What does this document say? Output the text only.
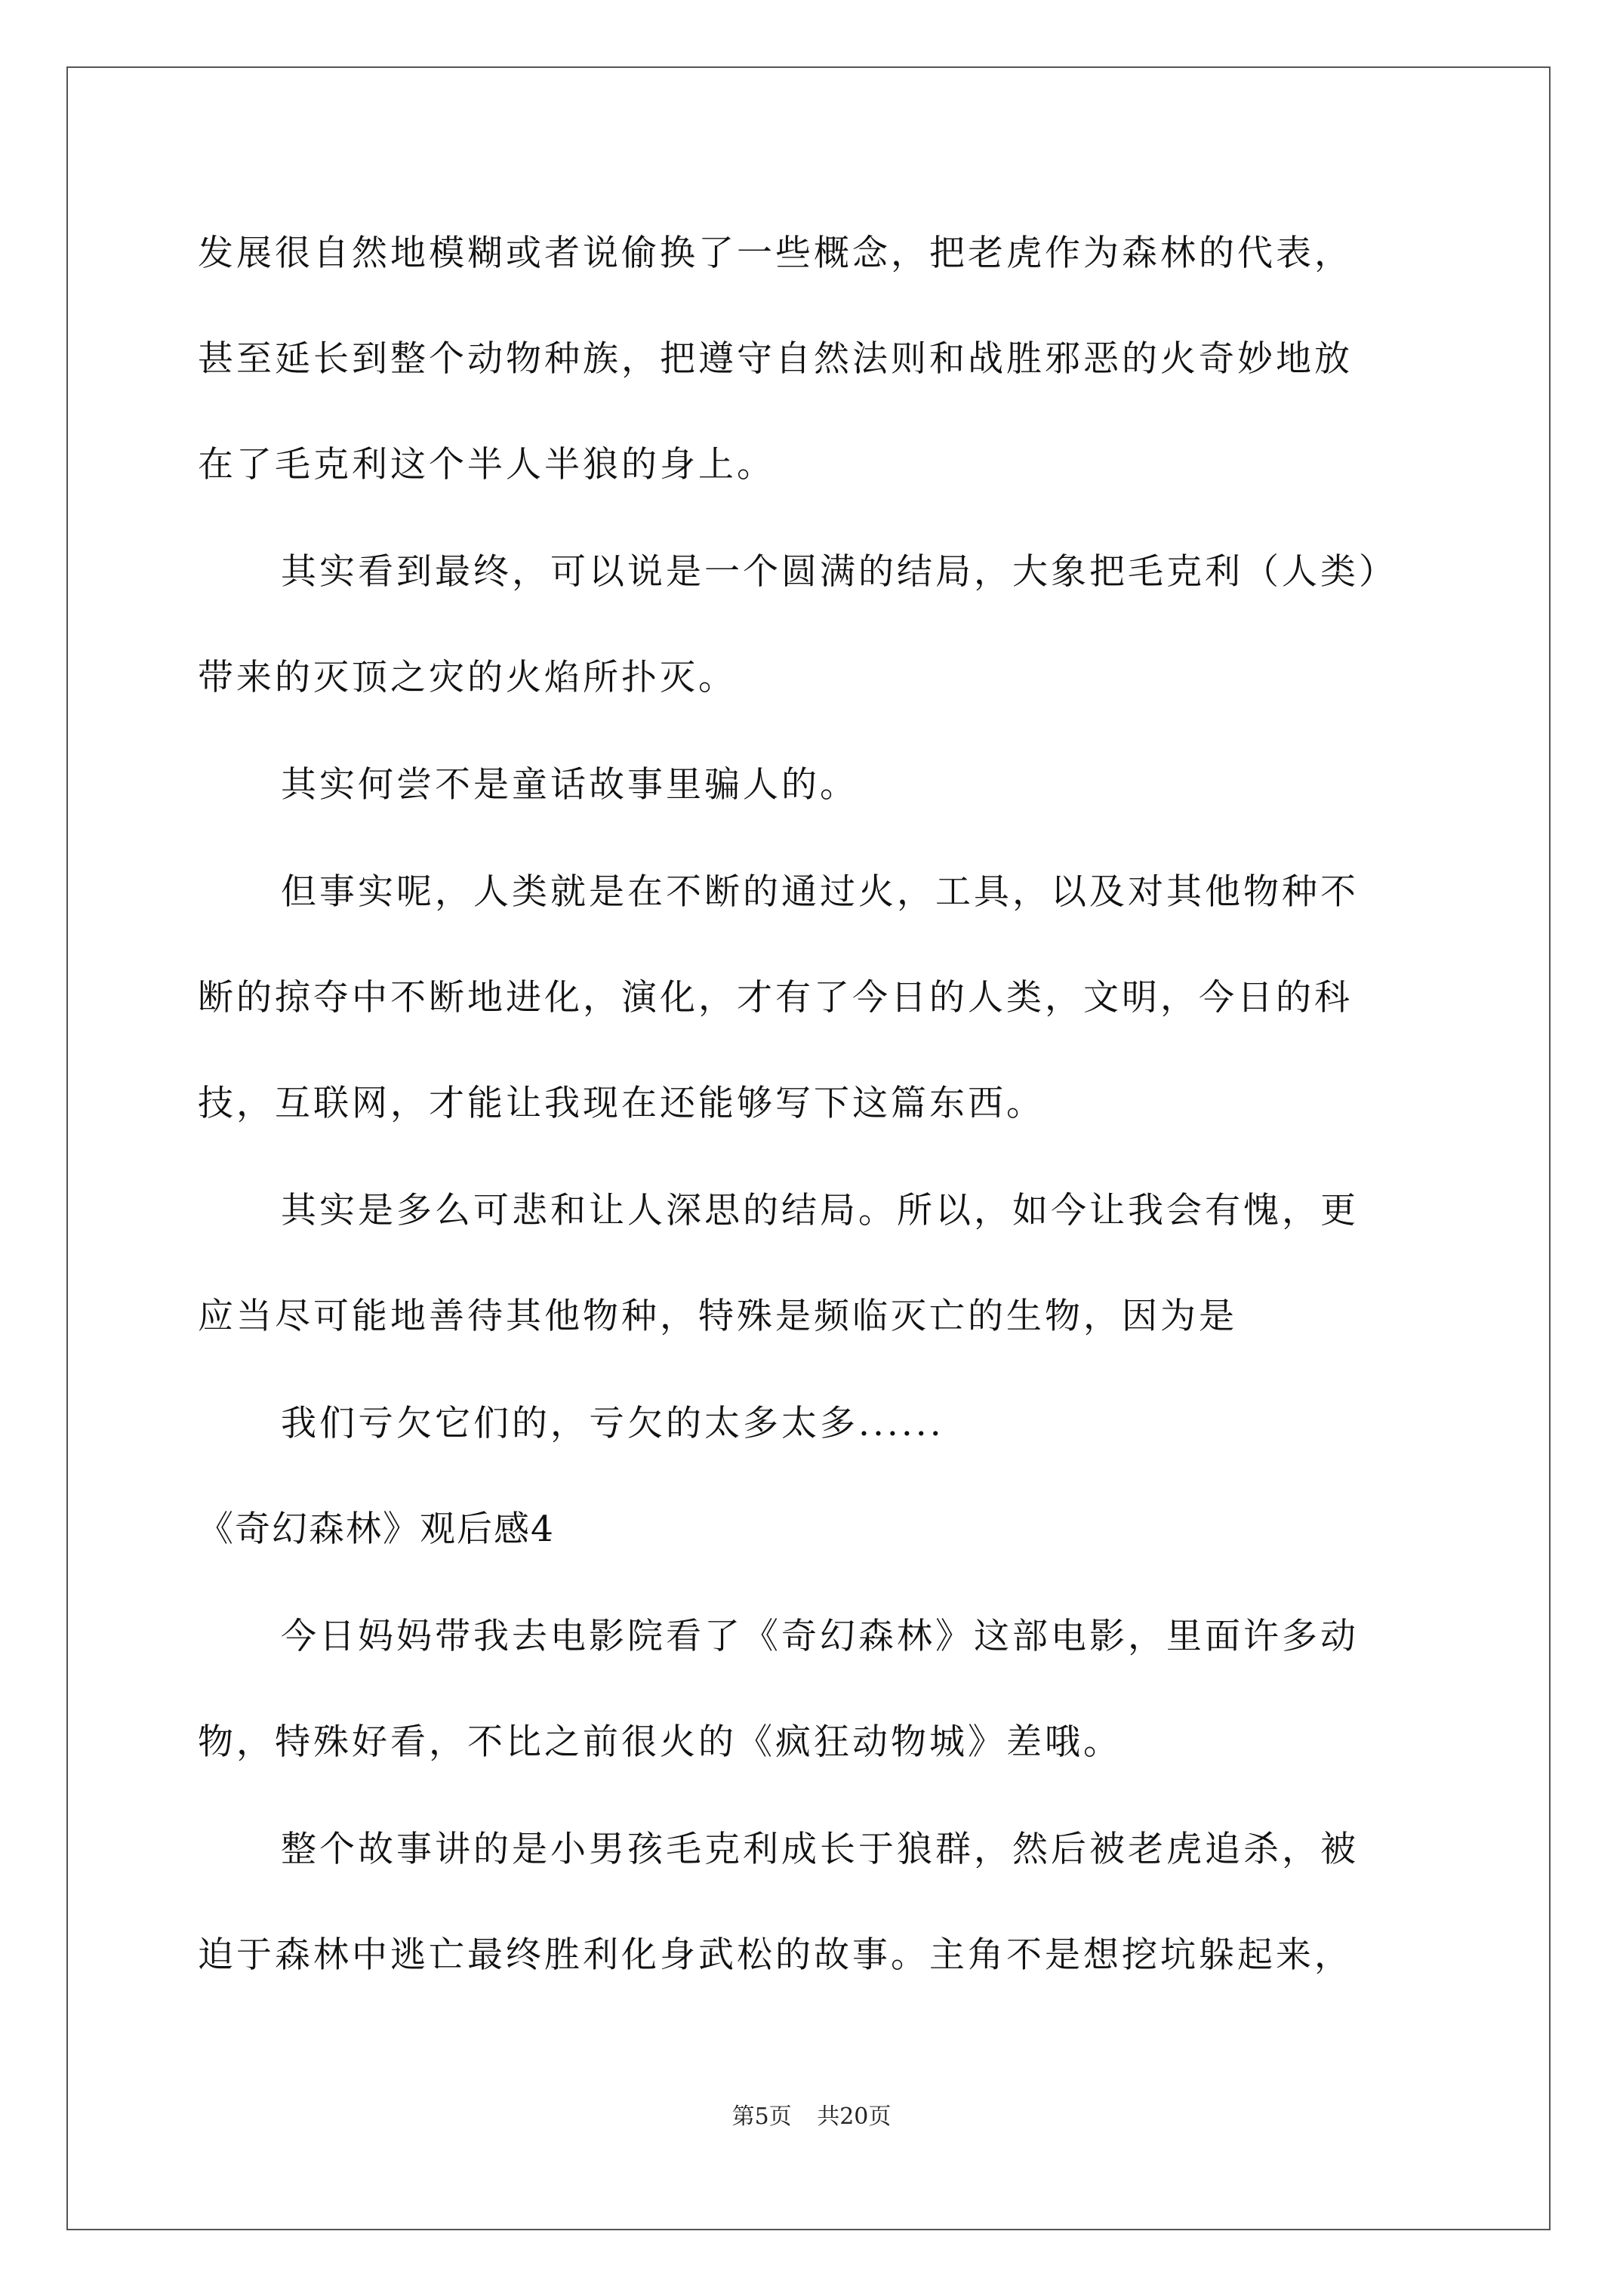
发展很自然地模糊或者说偷换了一些概念，把老虎作为森林的代表，
甚至延长到整个动物种族，把遵守自然法则和战胜邪恶的火奇妙地放
在了毛克利这个半人半狼的身上。
其实看到最终，可以说是一个圆满的结局，大象把毛克利（人类）
带来的灭顶之灾的火焰所扑灭。
其实何尝不是童话故事里骗人的。
但事实呢，人类就是在不断的通过火，工具，以及对其他物种不
断的掠夺中不断地进化，演化，才有了今日的人类，文明，今日的科
技，互联网，才能让我现在还能够写下这篇东西。
其实是多么可悲和让人深思的结局。所以，如今让我会有愧，更
应当尽可能地善待其他物种，特殊是频临灭亡的生物，因为是
我们亏欠它们的，亏欠的太多太多......
《奇幻森林》观后感4
今日妈妈带我去电影院看了《奇幻森林》这部电影，里面许多动
物，特殊好看，不比之前很火的《疯狂动物城》差哦。
整个故事讲的是小男孩毛克利成长于狼群，然后被老虎追杀，被
迫于森林中逃亡最终胜利化身武松的故事。主角不是想挖坑躲起来，
第5页 共20页
